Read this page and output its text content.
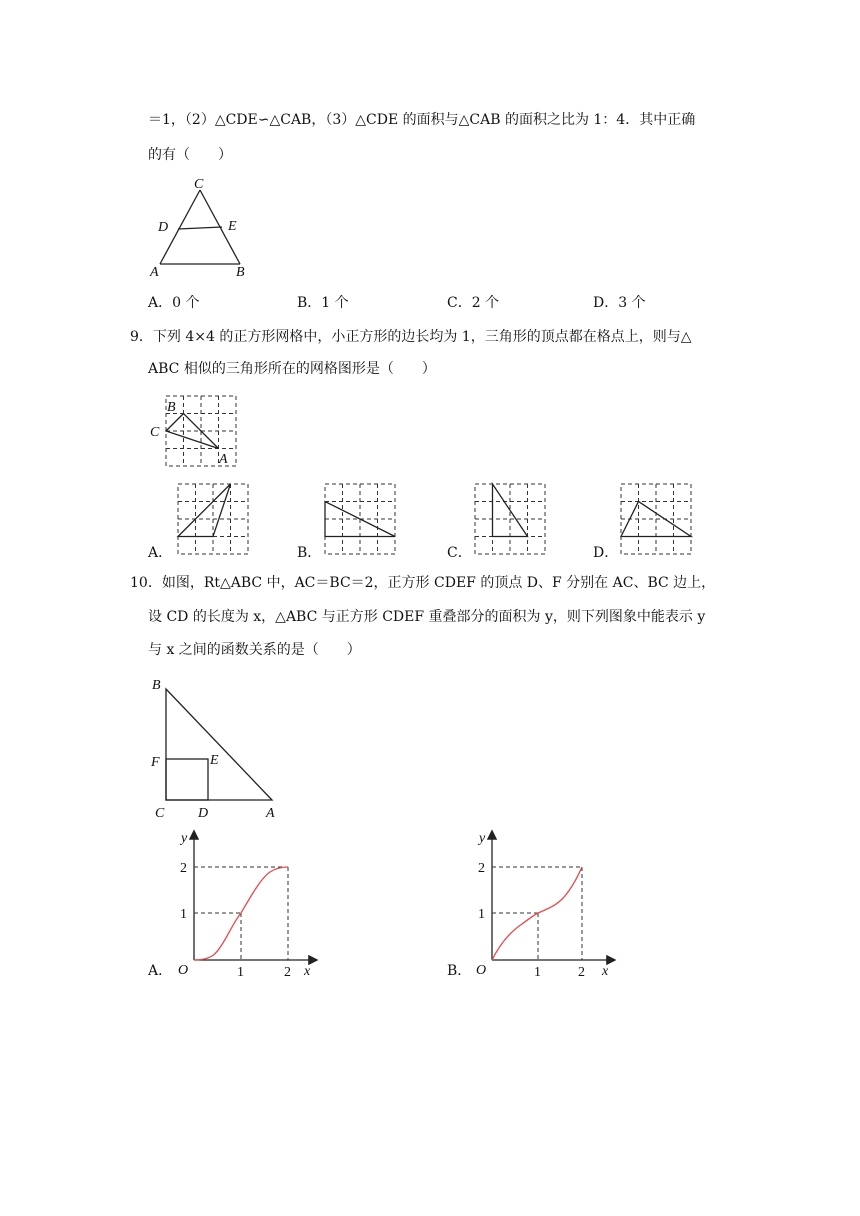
＝1，（2）△CDE∽△CAB，（3）△CDE 的面积与△CAB 的面积之比为 1：4．其中正确
的有（　　）
C
D	E
A	B
A．0 个	B．1 个	C．2 个	D．3 个
9．下列 4×4 的正方形网格中，小正方形的边长均为 1，三角形的顶点都在格点上，则与△
ABC 相似的三角形所在的网格图形是（　　）
B
C
A
A．	B．	C．	D．
10．如图，Rt△ABC 中，AC＝BC＝2，正方形 CDEF 的顶点 D、F 分别在 AC、BC 边上，
设 CD 的长度为 x，△ABC 与正方形 CDEF 重叠部分的面积为 y，则下列图象中能表示 y
与 x 之间的函数关系的是（　　）
B
F	E
C D	A
A．
y
x
O	1	2
1
2
B．
y
x
O	1	2
1
2
